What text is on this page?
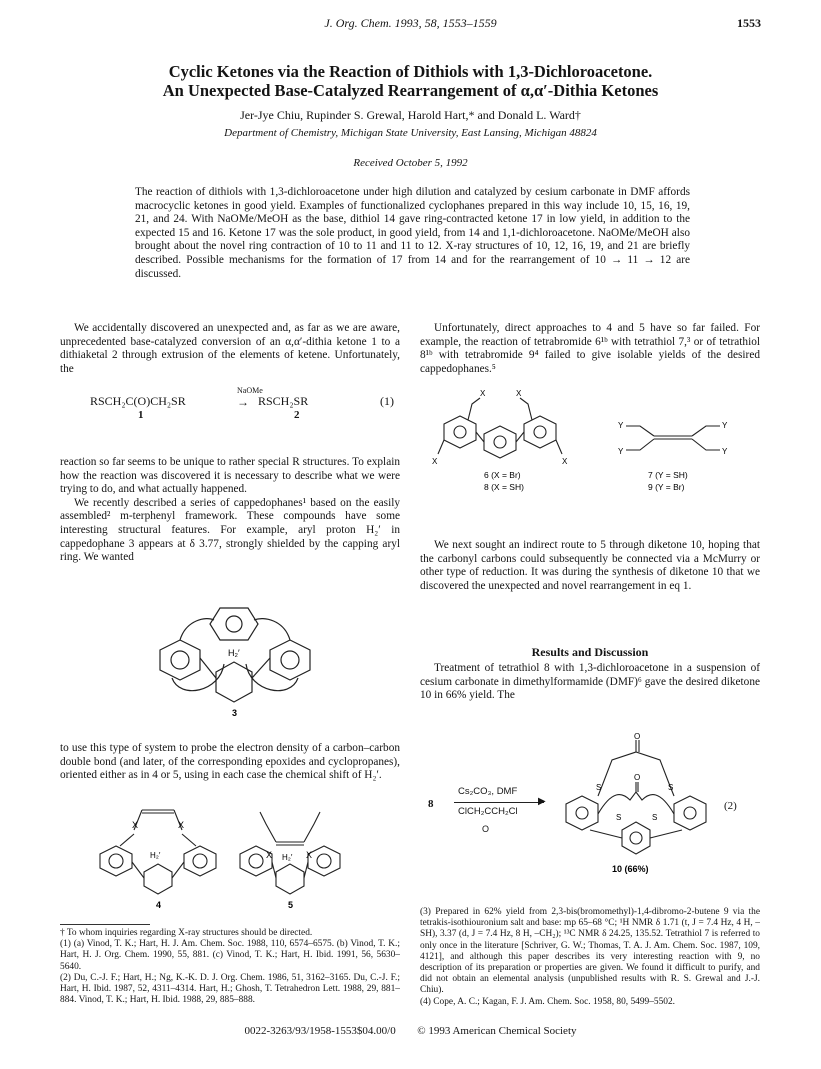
J. Org. Chem. 1993, 58, 1553–1559	1553
Cyclic Ketones via the Reaction of Dithiols with 1,3-Dichloroacetone.
An Unexpected Base-Catalyzed Rearrangement of α,α′-Dithia Ketones
Jer-Jye Chiu, Rupinder S. Grewal, Harold Hart,* and Donald L. Ward†
Department of Chemistry, Michigan State University, East Lansing, Michigan 48824
Received October 5, 1992
The reaction of dithiols with 1,3-dichloroacetone under high dilution and catalyzed by cesium carbonate in DMF affords macrocyclic ketones in good yield. Examples of functionalized cyclophanes prepared in this way include 10, 15, 16, 19, 21, and 24. With NaOMe/MeOH as the base, dithiol 14 gave ring-contracted ketone 17 in low yield, in addition to the expected 15 and 16. Ketone 17 was the sole product, in good yield, from 14 and 1,1-dichloroacetone. NaOMe/MeOH also brought about the novel ring contraction of 10 to 11 and 11 to 12. X-ray structures of 10, 12, 16, 19, and 21 are briefly described. Possible mechanisms for the formation of 17 from 14 and for the rearrangement of 10 → 11 → 12 are discussed.

We accidentally discovered an unexpected and, as far as we are aware, unprecedented base-catalyzed conversion of an α,α′-dithia ketone 1 to a dithiaketal 2 through extrusion of the elements of ketene. Unfortunately, the

RSCH₂C(O)CH₂SR
NaOMe
→ RSCH₂SR	(1)
1	2

reaction so far seems to be unique to rather special R structures. To explain how the reaction was discovered it is necessary to describe what we were trying to do, and what actually happened.

We recently described a series of cappedophanes¹ based on the easily assembled² m-terphenyl framework. These compounds have some interesting structural features. For example, aryl proton H₂′ in cappedophane 3 appears at δ 3.77, strongly shielded by the capping aryl ring. We wanted

H₂′
3

to use this type of system to probe the electron density of a carbon–carbon double bond (and later, of the corresponding epoxides and cyclopropanes), oriented either as in 4 or 5, using in each case the chemical shift of H₂′.

X	X
H₂′
4
X	X
H₂′
5

Unfortunately, direct approaches to 4 and 5 have so far failed. For example, the reaction of tetrabromide 6¹ᵇ with tetrathiol 7,³ or of tetrathiol 8¹ᵇ with tetrabromide 9⁴ failed to give isolable yields of the desired cappedophanes.⁵

X	X
X	X
Y
Y
Y
Y
6 (X = Br)
8 (X = SH)
7 (Y = SH)
9 (Y = Br)

We next sought an indirect route to 5 through diketone 10, hoping that the carbonyl carbons could subsequently be connected via a McMurry or other type of reduction. It was during the synthesis of diketone 10 that we discovered the unexpected and novel rearrangement in eq 1.

Results and Discussion

Treatment of tetrathiol 8 with 1,3-dichloroacetone in a suspension of cesium carbonate in dimethylformamide (DMF)⁶ gave the desired diketone 10 in 66% yield. The

8
Cs₂CO₃, DMF
▶
ClCH₂CCH₂Cl
O
O
O
S	S
S	S
10 (66%)
(2)

† To whom inquiries regarding X-ray structures should be directed.

(1) (a) Vinod, T. K.; Hart, H. J. Am. Chem. Soc. 1988, 110, 6574–6575. (b) Vinod, T. K.; Hart, H. J. Org. Chem. 1990, 55, 881. (c) Vinod, T. K.; Hart, H. Ibid. 1991, 56, 5630–5640.

(2) Du, C.-J. F.; Hart, H.; Ng, K.-K. D. J. Org. Chem. 1986, 51, 3162–3165. Du, C.-J. F.; Hart, H. Ibid. 1987, 52, 4311–4314. Hart, H.; Ghosh, T. Tetrahedron Lett. 1988, 29, 881–884. Vinod, T. K.; Hart, H. Ibid. 1988, 29, 885–888.

(3) Prepared in 62% yield from 2,3-bis(bromomethyl)-1,4-dibromo-2-butene 9 via the tetrakis-isothiouronium salt and base: mp 65–68 °C; ¹H NMR δ 1.71 (t, J = 7.4 Hz, 4 H, –SH), 3.37 (d, J = 7.4 Hz, 8 H, –CH₂); ¹³C NMR δ 24.25, 135.52. Tetrathiol 7 is referred to only once in the literature [Schriver, G. W.; Thomas, T. A. J. Am. Chem. Soc. 1987, 109, 4121], and although this paper describes its very interesting reaction with 9, no description of its preparation or properties are given. We found it difficult to purify, and did not obtain an elemental analysis (unpublished results with R. S. Grewal and J.-J. Chiu).

(4) Cope, A. C.; Kagan, F. J. Am. Chem. Soc. 1958, 80, 5499–5502.

0022-3263/93/1958-1553$04.00/0 © 1993 American Chemical Society
